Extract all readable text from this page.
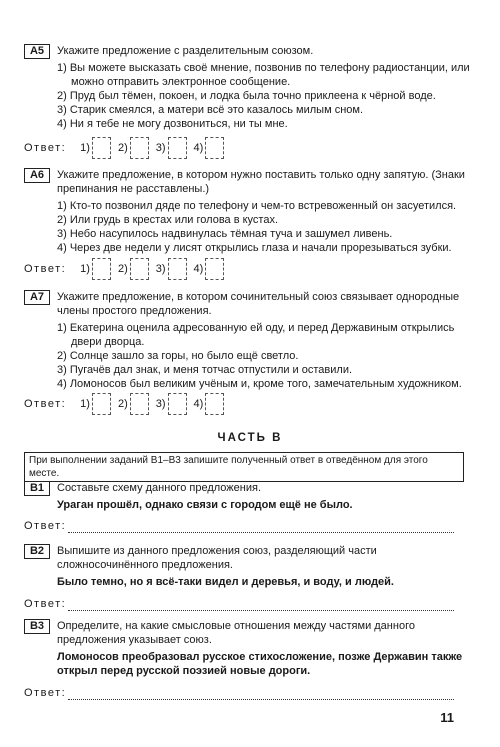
А5	Укажите предложение с разделительным союзом.
1) Вы можете высказать своё мнение, позвонив по телефону радиостанции, или можно отправить электронное сообщение.
2) Пруд был тёмен, покоен, и лодка была точно приклеена к чёрной воде.
3) Старик смеялся, а матери всё это казалось милым сном.
4) Ни я тебе не могу дозвониться, ни ты мне.
Ответ: 1)	2)	3)	4)
А6	Укажите предложение, в котором нужно поставить только одну запятую. (Знаки препинания не расставлены.)
1) Кто-то позвонил дяде по телефону и чем-то встревоженный он засуетился.
2) Или грудь в крестах или голова в кустах.
3) Небо насупилось надвинулась тёмная туча и зашумел ливень.
4) Через две недели у лисят открылись глаза и начали прорезываться зубки.
Ответ: 1)	2)	3)	4)
А7	Укажите предложение, в котором сочинительный союз связывает однородные члены простого предложения.
1) Екатерина оценила адресованную ей оду, и перед Державиным открылись двери дворца.
2) Солнце зашло за горы, но было ещё светло.
3) Пугачёв дал знак, и меня тотчас отпустили и оставили.
4) Ломоносов был великим учёным и, кроме того, замечательным художником.
Ответ: 1)	2)	3)	4)
ЧАСТЬ В
При выполнении заданий В1–В3 запишите полученный ответ в отведённом для этого месте.
В1	Составьте схему данного предложения.
Ураган прошёл, однако связи с городом ещё не было.
Ответ:
В2	Выпишите из данного предложения союз, разделяющий части сложносочинённого предложения.
Было темно, но я всё-таки видел и деревья, и воду, и людей.
Ответ:
В3	Определите, на какие смысловые отношения между частями данного предложения указывает союз.
Ломоносов преобразовал русское стихосложение, позже Державин также открыл перед русской поэзией новые дороги.
Ответ:
11
